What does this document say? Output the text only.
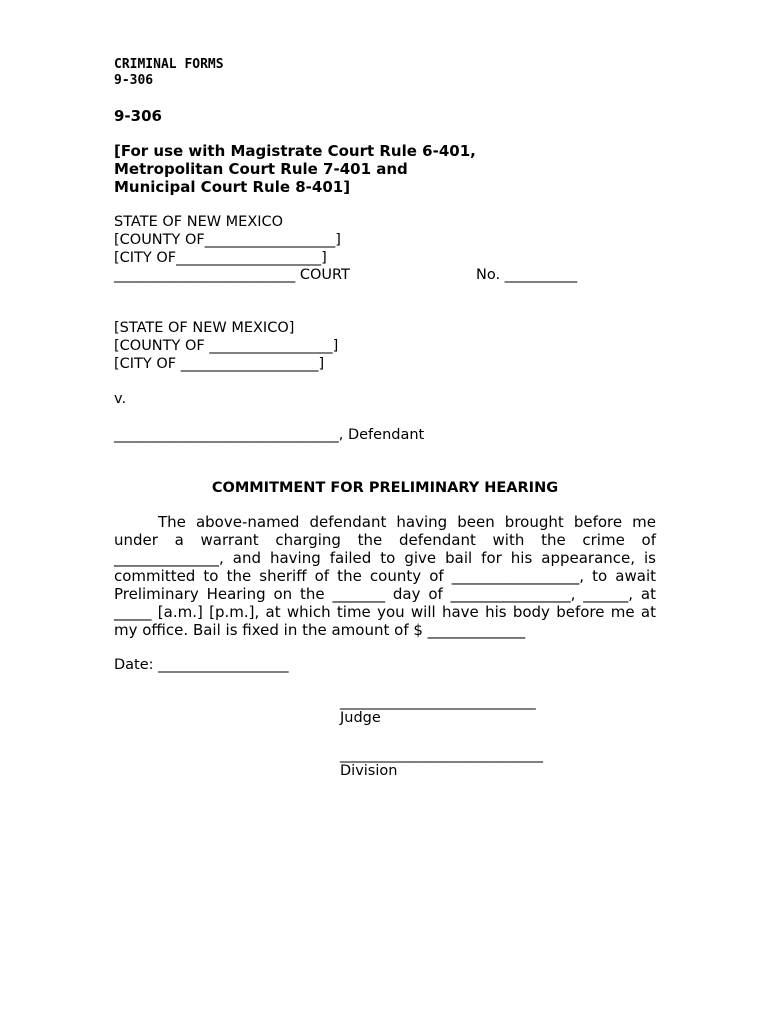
CRIMINAL FORMS
9-306
9-306
[For use with Magistrate Court Rule 6-401,
Metropolitan Court Rule 7-401 and
Municipal Court Rule 8-401]
STATE OF NEW MEXICO
[COUNTY OF__________________]
[CITY OF____________________]
_________________________ COURT	No. __________
[STATE OF NEW MEXICO]
[COUNTY OF _________________]
[CITY OF ___________________]
v.
_______________________________, Defendant
COMMITMENT FOR PRELIMINARY HEARING
The above-named defendant having been brought before me
under a warrant charging the defendant with the crime of
______________, and having failed to give bail for his appearance, is
committed to the sheriff of the county of _________________, to await
Preliminary Hearing on the _______ day of ________________, ______, at
_____ [a.m.] [p.m.], at which time you will have his body before me at
my office. Bail is fixed in the amount of $ _____________
Date: __________________
___________________________
Judge
____________________________
Division
